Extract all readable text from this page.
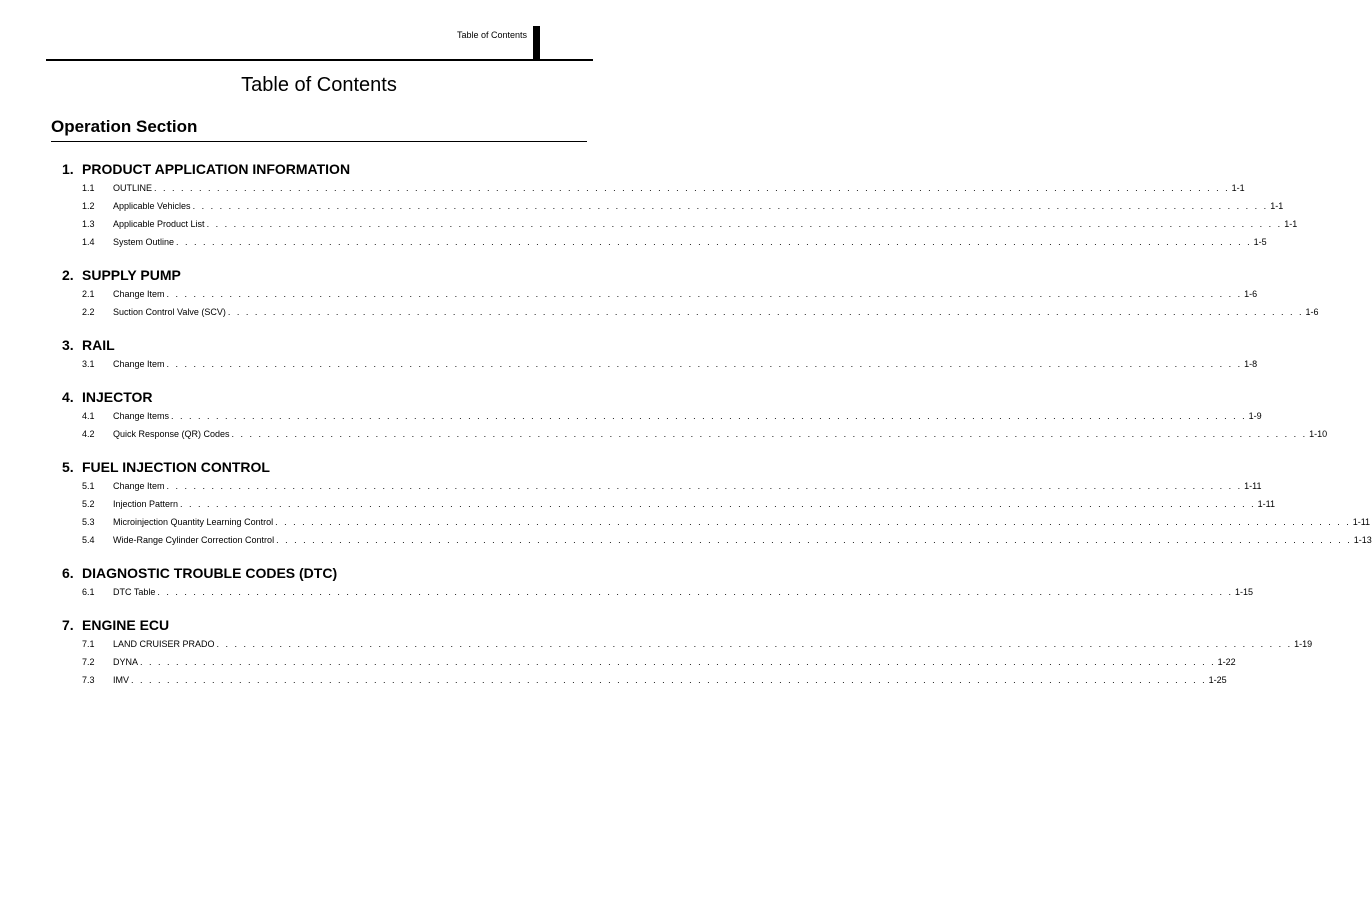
Table of Contents
Table of Contents
Operation Section
1. PRODUCT APPLICATION INFORMATION
1.1 OUTLINE . . . . . . . . . . . . . . . . . . . . . . . . . . . . . . . . . . . . . . . . . . . . . . . . . . . . . . . . . . . . . . . . . . . . . . . . . . . . . . . . . . . . . . . . . . . . . . . . . . . . . . . . . . . . . . . . . . . . . . . . 1-1
1.2 Applicable Vehicles . . . . . . . . . . . . . . . . . . . . . . . . . . . . . . . . . . . . . . . . . . . . . . . . . . . . . . . . . . . . . . . . . . . . . . . . . . . . . . . . . . . . . . . . . . . . . . . . . . . . . . . . . . . . . . . . . . . . . . . . 1-1
1.3 Applicable Product List . . . . . . . . . . . . . . . . . . . . . . . . . . . . . . . . . . . . . . . . . . . . . . . . . . . . . . . . . . . . . . . . . . . . . . . . . . . . . . . . . . . . . . . . . . . . . . . . . . . . . . . . . . . . . . . . . . . . . . . . 1-1
1.4 System Outline . . . . . . . . . . . . . . . . . . . . . . . . . . . . . . . . . . . . . . . . . . . . . . . . . . . . . . . . . . . . . . . . . . . . . . . . . . . . . . . . . . . . . . . . . . . . . . . . . . . . . . . . . . . . . . . . . . . . . . . . 1-5
2. SUPPLY PUMP
2.1 Change Item . . . . . . . . . . . . . . . . . . . . . . . . . . . . . . . . . . . . . . . . . . . . . . . . . . . . . . . . . . . . . . . . . . . . . . . . . . . . . . . . . . . . . . . . . . . . . . . . . . . . . . . . . . . . . . . . . . . . . . . . 1-6
2.2 Suction Control Valve (SCV) . . . . . . . . . . . . . . . . . . . . . . . . . . . . . . . . . . . . . . . . . . . . . . . . . . . . . . . . . . . . . . . . . . . . . . . . . . . . . . . . . . . . . . . . . . . . . . . . . . . . . . . . . . . . . . . . . . . . . . . . 1-6
3. RAIL
3.1 Change Item . . . . . . . . . . . . . . . . . . . . . . . . . . . . . . . . . . . . . . . . . . . . . . . . . . . . . . . . . . . . . . . . . . . . . . . . . . . . . . . . . . . . . . . . . . . . . . . . . . . . . . . . . . . . . . . . . . . . . . . . 1-8
4. INJECTOR
4.1 Change Items . . . . . . . . . . . . . . . . . . . . . . . . . . . . . . . . . . . . . . . . . . . . . . . . . . . . . . . . . . . . . . . . . . . . . . . . . . . . . . . . . . . . . . . . . . . . . . . . . . . . . . . . . . . . . . . . . . . . . . . . 1-9
4.2 Quick Response (QR) Codes . . . . . . . . . . . . . . . . . . . . . . . . . . . . . . . . . . . . . . . . . . . . . . . . . . . . . . . . . . . . . . . . . . . . . . . . . . . . . . . . . . . . . . . . . . . . . . . . . . . . . . . . . . . . . . . . . . . . . . . . 1-10
5. FUEL INJECTION CONTROL
5.1 Change Item . . . . . . . . . . . . . . . . . . . . . . . . . . . . . . . . . . . . . . . . . . . . . . . . . . . . . . . . . . . . . . . . . . . . . . . . . . . . . . . . . . . . . . . . . . . . . . . . . . . . . . . . . . . . . . . . . . . . . . . . 1-11
5.2 Injection Pattern . . . . . . . . . . . . . . . . . . . . . . . . . . . . . . . . . . . . . . . . . . . . . . . . . . . . . . . . . . . . . . . . . . . . . . . . . . . . . . . . . . . . . . . . . . . . . . . . . . . . . . . . . . . . . . . . . . . . . . . . 1-11
5.3 Microinjection Quantity Learning Control . . . . . . . . . . . . . . . . . . . . . . . . . . . . . . . . . . . . . . . . . . . . . . . . . . . . . . . . . . . . . . . . . . . . . . . . . . . . . . . . . . . . . . . . . . . . . . . . . . . . . . . . . . . . . . . . . . . . . . . . 1-11
5.4 Wide-Range Cylinder Correction Control . . . . . . . . . . . . . . . . . . . . . . . . . . . . . . . . . . . . . . . . . . . . . . . . . . . . . . . . . . . . . . . . . . . . . . . . . . . . . . . . . . . . . . . . . . . . . . . . . . . . . . . . . . . . . . . . . . . . . . . . 1-13
6. DIAGNOSTIC TROUBLE CODES (DTC)
6.1 DTC Table . . . . . . . . . . . . . . . . . . . . . . . . . . . . . . . . . . . . . . . . . . . . . . . . . . . . . . . . . . . . . . . . . . . . . . . . . . . . . . . . . . . . . . . . . . . . . . . . . . . . . . . . . . . . . . . . . . . . . . . . 1-15
7. ENGINE ECU
7.1 LAND CRUISER PRADO . . . . . . . . . . . . . . . . . . . . . . . . . . . . . . . . . . . . . . . . . . . . . . . . . . . . . . . . . . . . . . . . . . . . . . . . . . . . . . . . . . . . . . . . . . . . . . . . . . . . . . . . . . . . . . . . . . . . . . . . 1-19
7.2 DYNA . . . . . . . . . . . . . . . . . . . . . . . . . . . . . . . . . . . . . . . . . . . . . . . . . . . . . . . . . . . . . . . . . . . . . . . . . . . . . . . . . . . . . . . . . . . . . . . . . . . . . . . . . . . . . . . . . . . . . . . . 1-22
7.3 IMV . . . . . . . . . . . . . . . . . . . . . . . . . . . . . . . . . . . . . . . . . . . . . . . . . . . . . . . . . . . . . . . . . . . . . . . . . . . . . . . . . . . . . . . . . . . . . . . . . . . . . . . . . . . . . . . . . . . . . . . . 1-25
